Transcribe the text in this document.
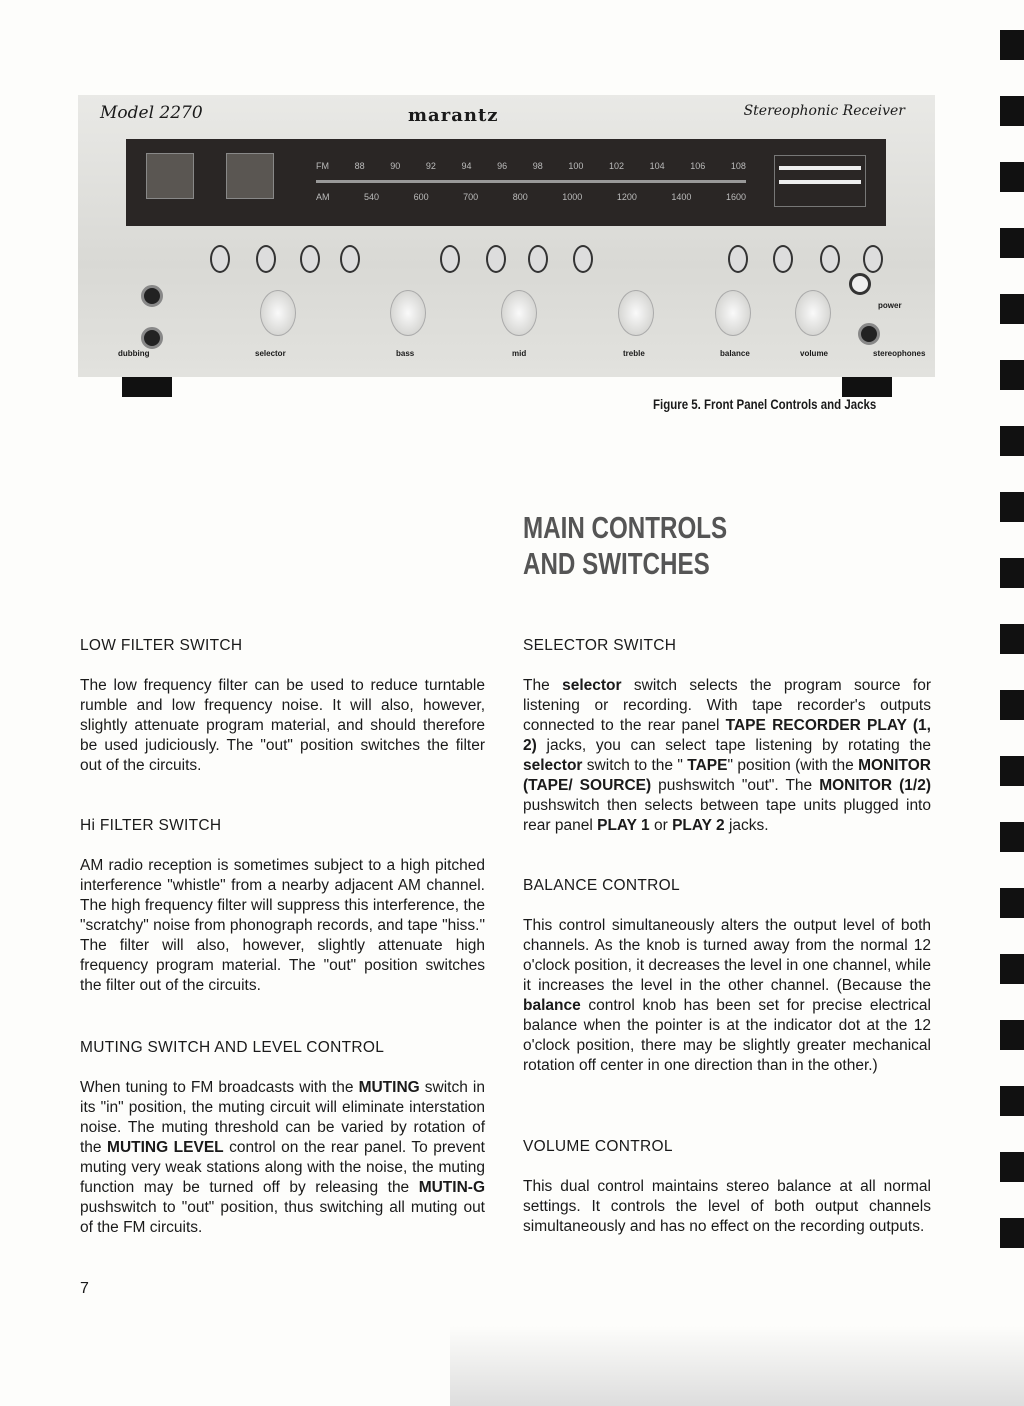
Model 2270	marantz	Stereophonic Receiver
FM	88	90	92	94	96	98	100	102	104	106	108
AM	540	600	700	800	1000	1200	1400	1600
power
dubbing	selector	bass	mid	treble	balance	volume	stereophones
Figure 5. Front Panel Controls and Jacks
MAIN CONTROLS
AND SWITCHES
LOW FILTER SWITCH

The low frequency filter can be used to reduce turntable rumble and low frequency noise. It will also, however, slightly attenuate program material, and should therefore be used judiciously. The "out" position switches the filter out of the circuits.

Hi FILTER SWITCH

AM radio reception is sometimes subject to a high pitched interference "whistle" from a nearby adjacent AM channel. The high frequency filter will suppress this interference, the "scratchy" noise from phonograph records, and tape "hiss." The filter will also, however, slightly attenuate high frequency program material. The "out" position switches the filter out of the circuits.

MUTING SWITCH AND LEVEL CONTROL

When tuning to FM broadcasts with the MUTING switch in its "in" position, the muting circuit will eliminate interstation noise. The muting threshold can be varied by rotation of the MUTING LEVEL control on the rear panel. To prevent muting very weak stations along with the noise, the muting function may be turned off by releasing the MUTIN-G pushswitch to "out" position, thus switching all muting out of the FM circuits.

SELECTOR SWITCH

The selector switch selects the program source for listening or recording. With tape recorder's outputs connected to the rear panel TAPE RECORDER PLAY (1, 2) jacks, you can select tape listening by rotating the selector switch to the " TAPE" position (with the MONITOR (TAPE/ SOURCE) pushswitch "out". The MONITOR (1/2) pushswitch then selects between tape units plugged into rear panel PLAY 1 or PLAY 2 jacks.

BALANCE CONTROL

This control simultaneously alters the output level of both channels. As the knob is turned away from the normal 12 o'clock position, it decreases the level in one channel, while it increases the level in the other channel. (Because the balance control knob has been set for precise electrical balance when the pointer is at the indicator dot at the 12 o'clock position, there may be slightly greater mechanical rotation off center in one direction than in the other.)

VOLUME CONTROL

This dual control maintains stereo balance at all normal settings. It controls the level of both output channels simultaneously and has no effect on the recording outputs.

7
